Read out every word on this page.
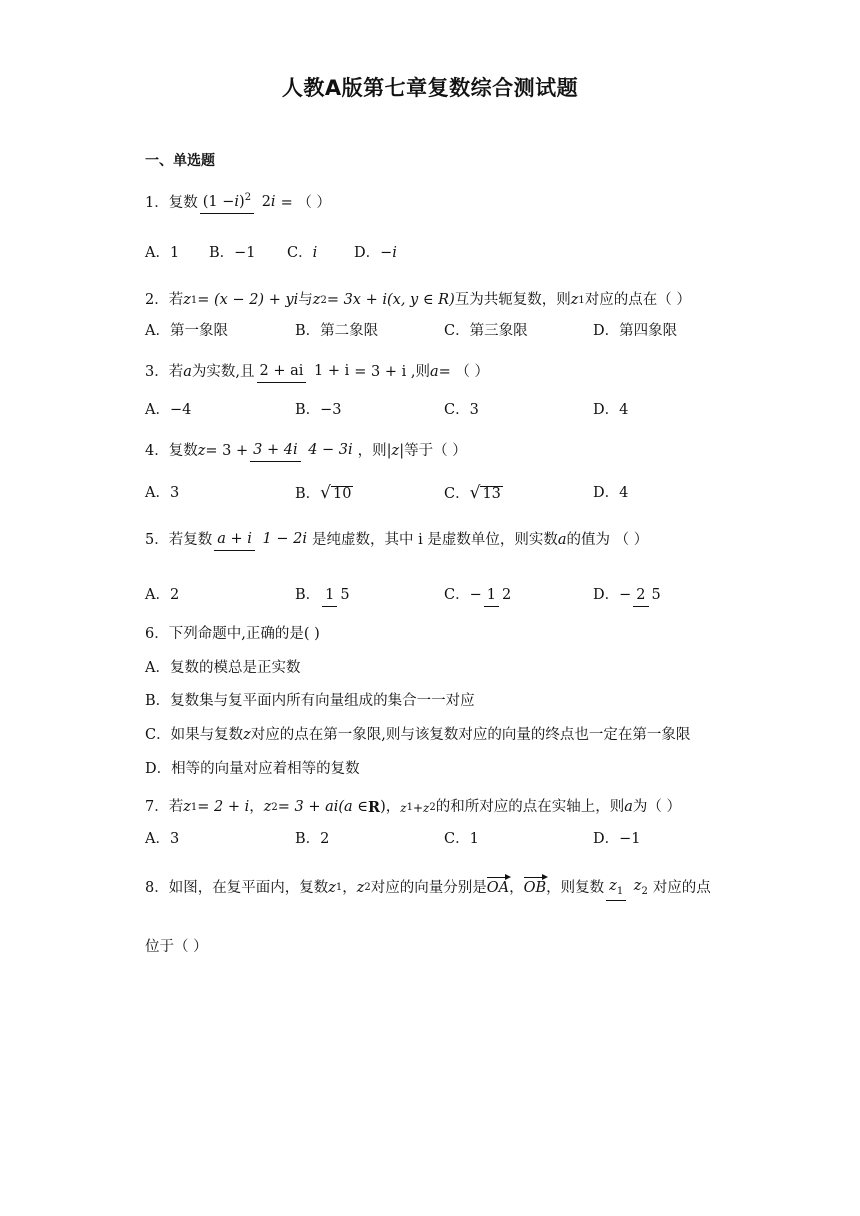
人教A版第七章复数综合测试题
一、单选题
1．复数 $(1 -i)^2$ 2i = （ ）
A．1 B．−1 C．i	D．−i
2．若 z 1 = (x − 2) + yi 与 z 2 = 3x + i (x, y ∈ R) 互为共轭复数，则 z 1 对应的点在（ ）
A．第一象限	B．第二象限	C．第三象限	D．第四象限
3．若 a 为实数,且 2 + ai 1 + i = 3 + i ,则 a = （ ）
A．−4	B．−3	C．3	D．4
4．复数 z = 3 + 3 + 4i 4 − 3i ，则 |z| 等于（ ）
A．3	B． √ 10	C． √ 13	D．4
5．若复数 a + i 1 − 2i 是纯虚数，其中 i 是虚数单位，则实数 a 的值为 （ ）
A．2	B． 1 5	C． − 1 2	D． − 2 5
6．下列命题中,正确的是( )
A．复数的模总是正实数
B．复数集与复平面内所有向量组成的集合一一对应
C．如果与复数 z 对应的点在第一象限,则与该复数对应的向量的终点也一定在第一象限
D．相等的向量对应着相等的复数
7．若 z 1 = 2 + i ， z 2 = 3 + ai(a ∈ R ) ， z 1 + z 2 的和所对应的点在实轴上，则 a 为（ ）
A．3	B．2	C．1	D．−1
8．如图，在复平面内，复数 z 1 ， z 2 对应的向量分别是 OA ， OB ，则复数 $z_1$ $z_2$ 对应的点
位于（ ）
